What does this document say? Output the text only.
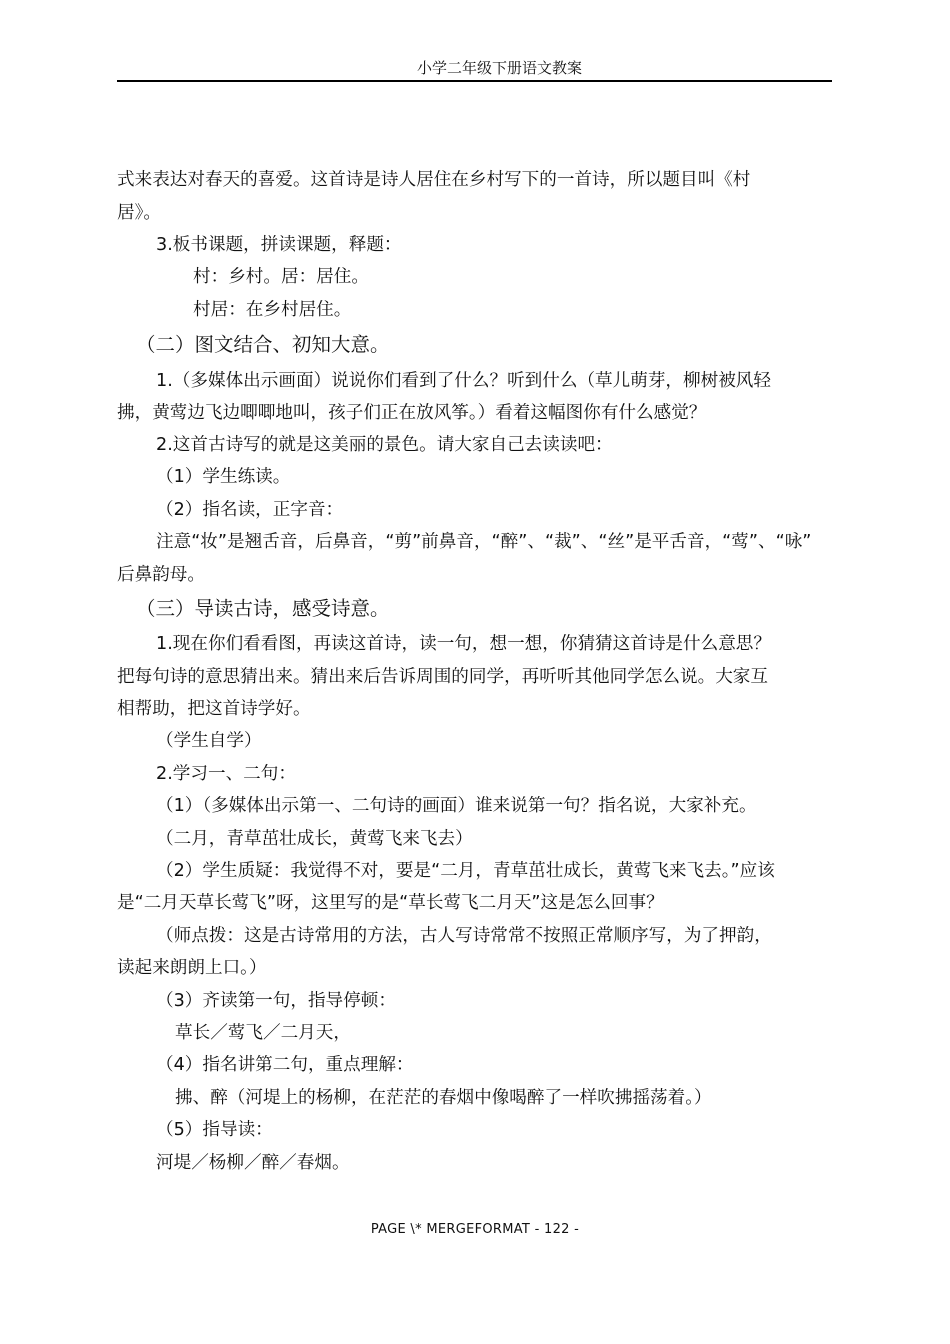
小学二年级下册语文教案
式来表达对春天的喜爱。这首诗是诗人居住在乡村写下的一首诗，所以题目叫《村
居》。
3.板书课题，拼读课题，释题：
村：乡村。居：居住。
村居：在乡村居住。
（二）图文结合、初知大意。
1.（多媒体出示画面）说说你们看到了什么？听到什么（草儿萌芽，柳树被风轻
拂，黄莺边飞边唧唧地叫，孩子们正在放风筝。）看着这幅图你有什么感觉？
2.这首古诗写的就是这美丽的景色。请大家自己去读读吧：
（1）学生练读。
（2）指名读，正字音：
注意“妆”是翘舌音，后鼻音，“剪”前鼻音，“醉”、“裁”、“丝”是平舌音，“莺”、“咏”
后鼻韵母。
（三）导读古诗，感受诗意。
1.现在你们看看图，再读这首诗，读一句，想一想，你猜猜这首诗是什么意思？
把每句诗的意思猜出来。猜出来后告诉周围的同学，再听听其他同学怎么说。大家互
相帮助，把这首诗学好。
（学生自学）
2.学习一、二句：
（1）（多媒体出示第一、二句诗的画面）谁来说第一句？指名说，大家补充。
（二月，青草茁壮成长，黄莺飞来飞去）
（2）学生质疑：我觉得不对，要是“二月，青草茁壮成长，黄莺飞来飞去。”应该
是“二月天草长莺飞”呀，这里写的是“草长莺飞二月天”这是怎么回事？
（师点拨：这是古诗常用的方法，古人写诗常常不按照正常顺序写，为了押韵，
读起来朗朗上口。）
（3）齐读第一句，指导停顿：
草长／莺飞／二月天，
（4）指名讲第二句，重点理解：
拂、醉（河堤上的杨柳，在茫茫的春烟中像喝醉了一样吹拂摇荡着。）
（5）指导读：
河堤／杨柳／醉／春烟。
PAGE \* MERGEFORMAT - 122 -
